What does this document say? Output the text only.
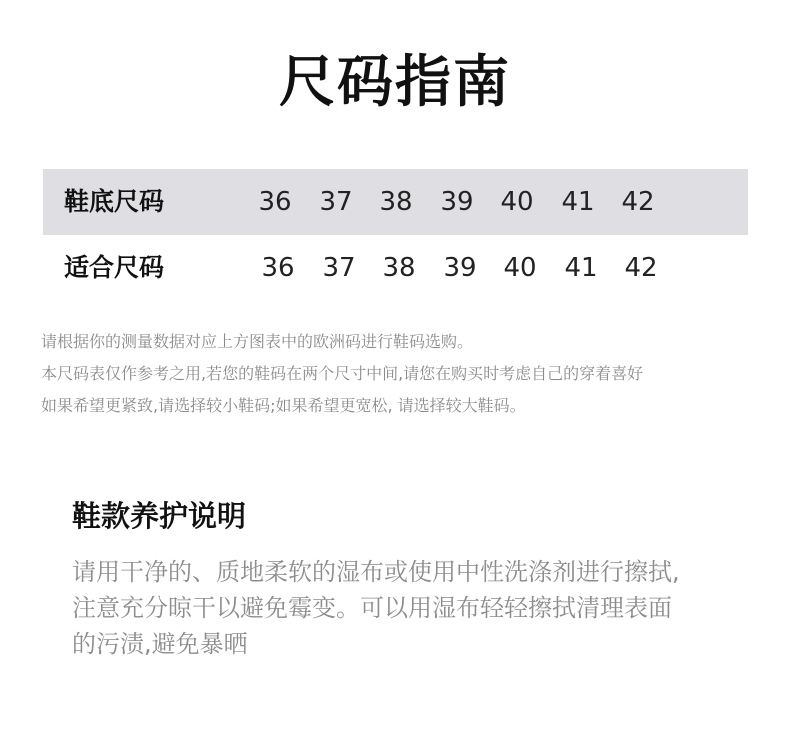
尺码指南
鞋底尺码	36	37	38	39	40	41	42
适合尺码	36	37	38	39	40	41	42
请根据你的测量数据对应上方图表中的欧洲码进行鞋码选购。
本尺码表仅作参考之用,若您的鞋码在两个尺寸中间,请您在购买时考虑自己的穿着喜好
如果希望更紧致,请选择较小鞋码;如果希望更宽松, 请选择较大鞋码。
鞋款养护说明
请用干净的、质地柔软的湿布或使用中性洗涤剂进行擦拭,
注意充分晾干以避免霉变。可以用湿布轻轻擦拭清理表面
的污渍,避免暴晒
